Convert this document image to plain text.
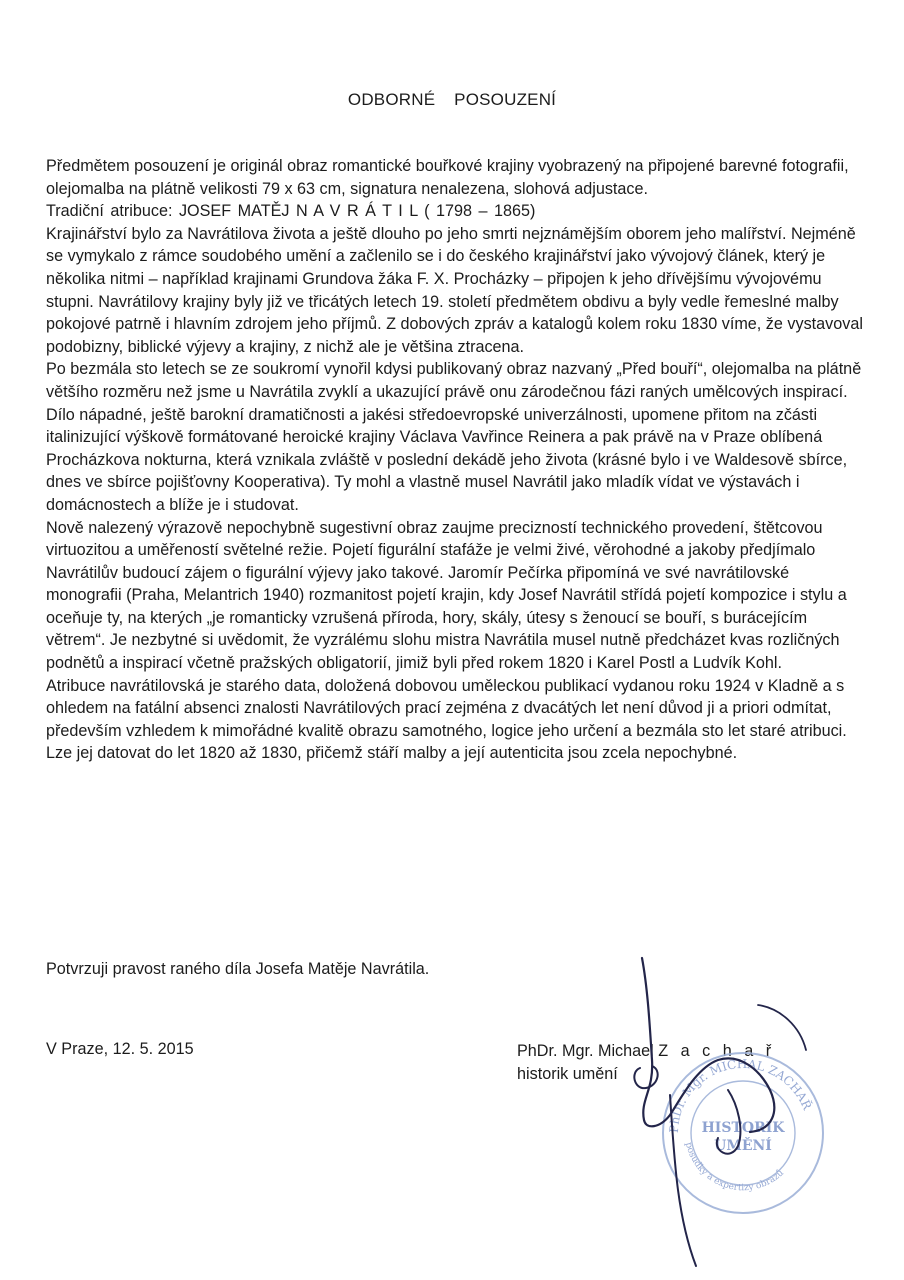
ODBORNÉ POSOUZENÍ

Předmětem posouzení je originál obraz romantické bouřkové krajiny vyobrazený na připojené barevné fotografii, olejomalba na plátně velikosti 79 x 63 cm, signatura nenalezena, slohová adjustace.

Tradiční atribuce: JOSEF MATĚJ N A V R Á T I L ( 1798 – 1865)

Krajinářství bylo za Navrátilova života a ještě dlouho po jeho smrti nejznámějším oborem jeho malířství. Nejméně se vymykalo z rámce soudobého umění a začlenilo se i do českého krajinářství jako vývojový článek, který je několika nitmi – například krajinami Grundova žáka F. X. Procházky – připojen k jeho dřívějšímu vývojovému stupni. Navrátilovy krajiny byly již ve třicátých letech 19. století předmětem obdivu a byly vedle řemeslné malby pokojové patrně i hlavním zdrojem jeho příjmů. Z dobových zpráv a katalogů kolem roku 1830 víme, že vystavoval podobizny, biblické výjevy a krajiny, z nichž ale je většina ztracena.

Po bezmála sto letech se ze soukromí vynořil kdysi publikovaný obraz nazvaný „Před bouří“, olejomalba na plátně většího rozměru než jsme u Navrátila zvyklí a ukazující právě onu zárodečnou fázi raných umělcových inspirací. Dílo nápadné, ještě barokní dramatičnosti a jakési středoevropské univerzálnosti, upomene přitom na zčásti italinizující výškově formátované heroické krajiny Václava Vavřince Reinera a pak právě na v Praze oblíbená Procházkova nokturna, která vznikala zvláště v poslední dekádě jeho života (krásné bylo i ve Waldesově sbírce, dnes ve sbírce pojišťovny Kooperativa). Ty mohl a vlastně musel Navrátil jako mladík vídat ve výstavách i domácnostech a blíže je i studovat.

Nově nalezený výrazově nepochybně sugestivní obraz zaujme precizností technického provedení, štětcovou virtuozitou a uměřeností světelné režie. Pojetí figurální stafáže je velmi živé, věrohodné a jakoby předjímalo Navrátilův budoucí zájem o figurální výjevy jako takové. Jaromír Pečírka připomíná ve své navrátilovské monografii (Praha, Melantrich 1940) rozmanitost pojetí krajin, kdy Josef Navrátil střídá pojetí kompozice i stylu a oceňuje ty, na kterých „je romanticky vzrušená příroda, hory, skály, útesy s ženoucí se bouří, s burácejícím větrem“. Je nezbytné si uvědomit, že vyzrálému slohu mistra Navrátila musel nutně předcházet kvas rozličných podnětů a inspirací včetně pražských obligatorií, jimiž byli před rokem 1820 i Karel Postl a Ludvík Kohl.

Atribuce navrátilovská je starého data, doložená dobovou uměleckou publikací vydanou roku 1924 v Kladně a s ohledem na fatální absenci znalosti Navrátilových prací zejména z dvacátých let není důvod ji a priori odmítat, především vzhledem k mimořádné kvalitě obrazu samotného, logice jeho určení a bezmála sto let staré atribuci. Lze jej datovat do let 1820 až 1830, přičemž stáří malby a její autenticita jsou zcela nepochybné.

Potvrzuji pravost raného díla Josefa Matěje Navrátila.
V Praze, 12. 5. 2015	PhDr. Mgr. Michael Z a c h a ř
historik umění
PhDr. Mgr. MICHAL ZACHAŘ
posudky a expertizy obrazů
HISTORIK
UMĚNÍ
